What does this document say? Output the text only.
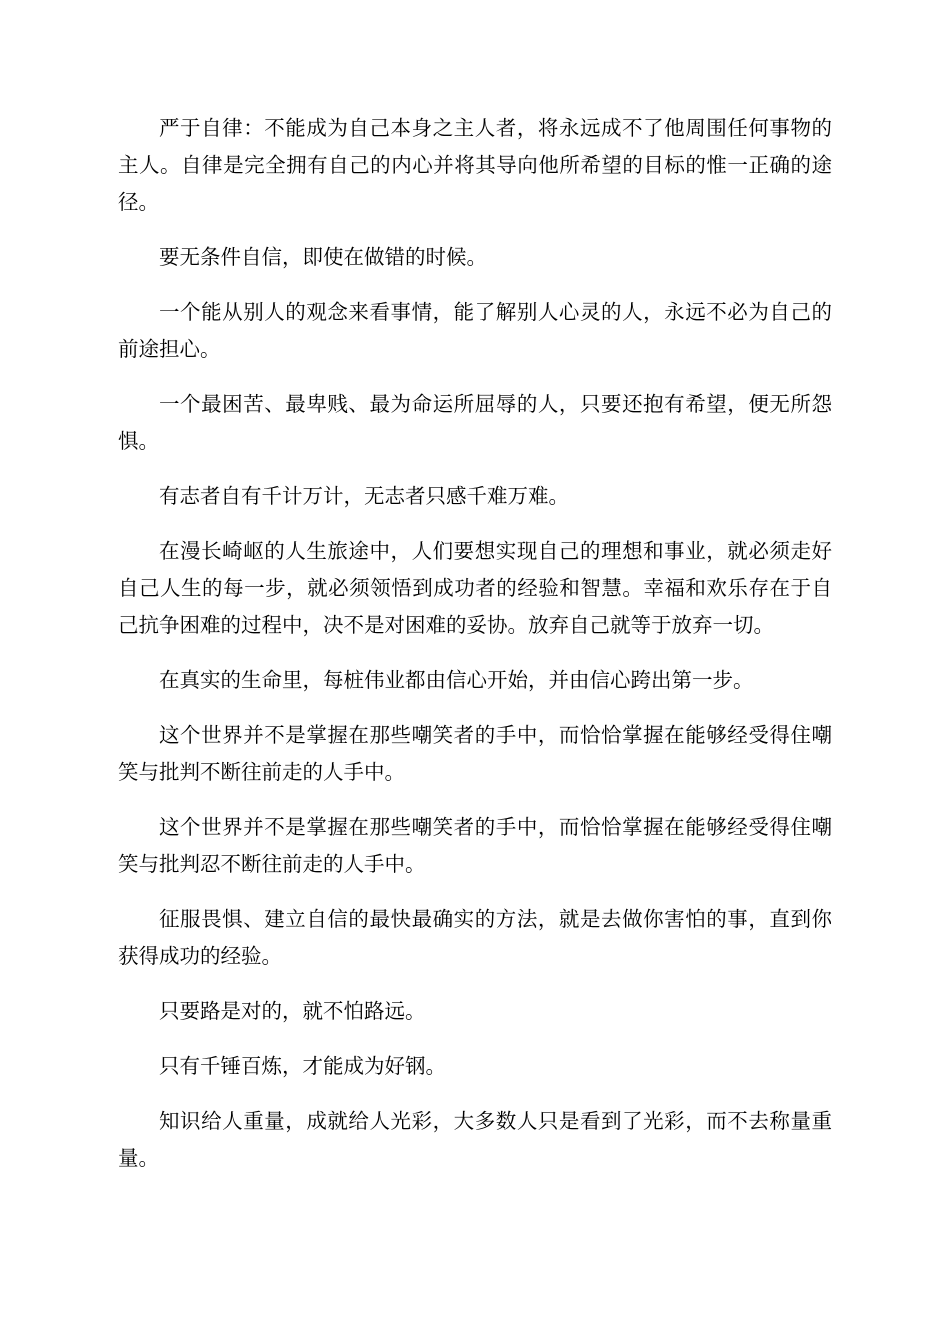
严于自律：不能成为自己本身之主人者，将永远成不了他周围任何事物的主人。自律是完全拥有自己的内心并将其导向他所希望的目标的惟一正确的途径。

要无条件自信，即使在做错的时候。

一个能从别人的观念来看事情，能了解别人心灵的人，永远不必为自己的前途担心。

一个最困苦、最卑贱、最为命运所屈辱的人，只要还抱有希望，便无所怨惧。

有志者自有千计万计，无志者只感千难万难。

在漫长崎岖的人生旅途中，人们要想实现自己的理想和事业，就必须走好自己人生的每一步，就必须领悟到成功者的经验和智慧。幸福和欢乐存在于自己抗争困难的过程中，决不是对困难的妥协。放弃自己就等于放弃一切。

在真实的生命里，每桩伟业都由信心开始，并由信心跨出第一步。

这个世界并不是掌握在那些嘲笑者的手中，而恰恰掌握在能够经受得住嘲笑与批判不断往前走的人手中。

这个世界并不是掌握在那些嘲笑者的手中，而恰恰掌握在能够经受得住嘲笑与批判忍不断往前走的人手中。

征服畏惧、建立自信的最快最确实的方法，就是去做你害怕的事，直到你获得成功的经验。

只要路是对的，就不怕路远。

只有千锤百炼，才能成为好钢。

知识给人重量，成就给人光彩，大多数人只是看到了光彩，而不去称量重量。
